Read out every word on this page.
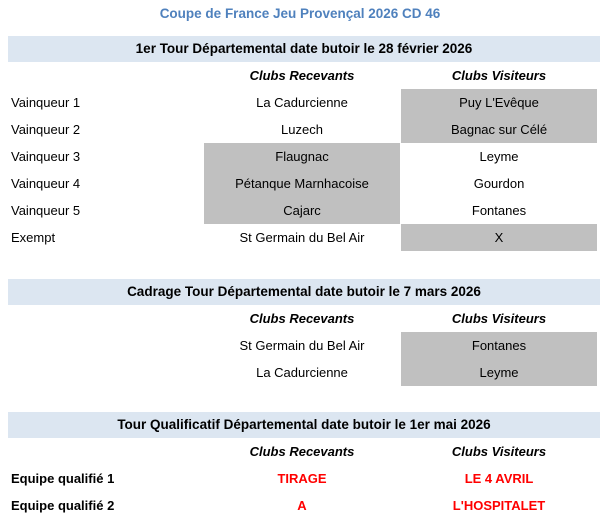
Coupe de France Jeu Provençal 2026 CD 46
1er Tour Départemental date butoir le 28 février 2026
Clubs Recevants	Clubs Visiteurs
Vainqueur 1	La Cadurcienne	Puy L'Evêque
Vainqueur 2	Luzech	Bagnac sur Célé
Vainqueur 3	Flaugnac	Leyme
Vainqueur 4	Pétanque Marnhacoise	Gourdon
Vainqueur 5	Cajarc	Fontanes
Exempt	St Germain du Bel Air	X
Cadrage Tour Départemental date butoir le 7 mars 2026
Clubs Recevants	Clubs Visiteurs
St Germain du Bel Air	Fontanes
La Cadurcienne	Leyme
Tour Qualificatif Départemental date butoir le 1er mai 2026
Clubs Recevants	Clubs Visiteurs
Equipe qualifié 1	TIRAGE	LE 4 AVRIL
Equipe qualifié 2	A	L'HOSPITALET
